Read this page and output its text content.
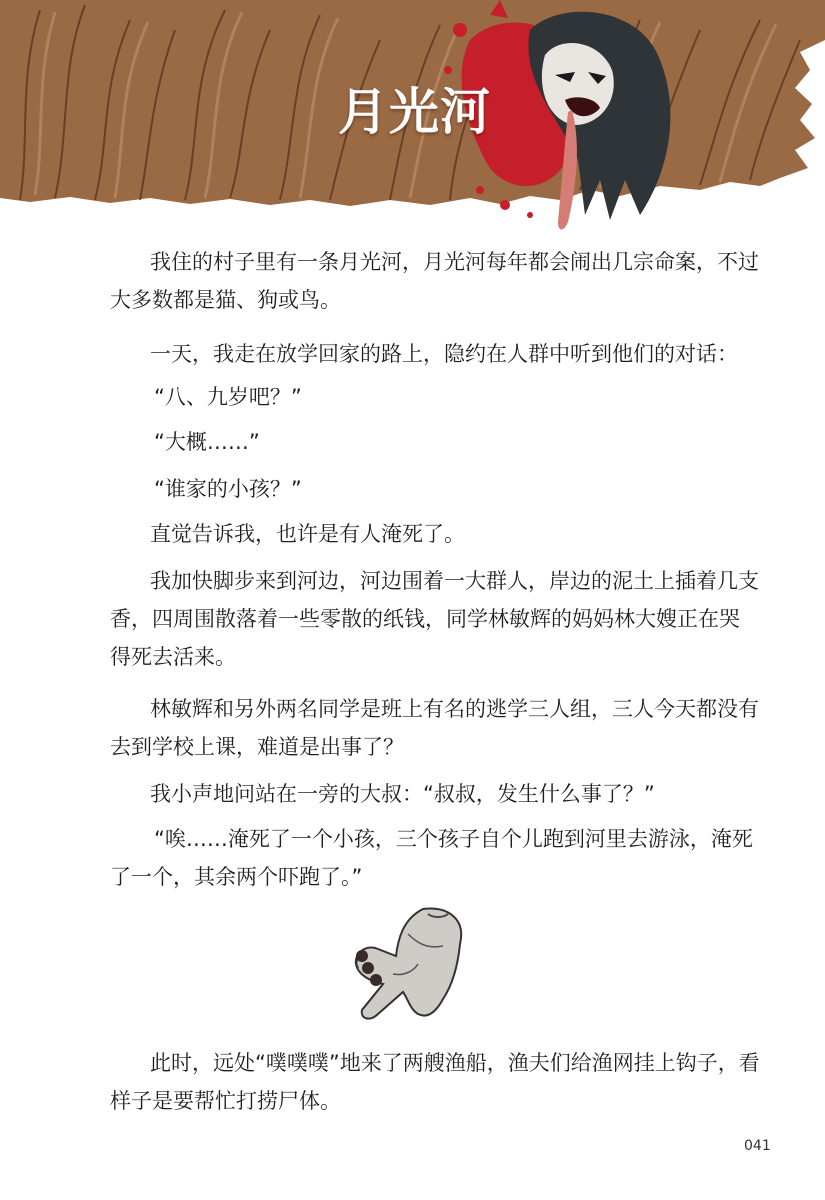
月光河

我住的村子里有一条月光河，月光河每年都会闹出几宗命案，不过大多数都是猫、狗或鸟。

一天，我走在放学回家的路上，隐约在人群中听到他们的对话：

“八、九岁吧？”

“大概……”

“谁家的小孩？”

直觉告诉我，也许是有人淹死了。

我加快脚步来到河边，河边围着一大群人，岸边的泥土上插着几支香，四周围散落着一些零散的纸钱，同学林敏辉的妈妈林大嫂正在哭得死去活来。

林敏辉和另外两名同学是班上有名的逃学三人组，三人今天都没有去到学校上课，难道是出事了？

我小声地问站在一旁的大叔：“叔叔，发生什么事了？”

“唉……淹死了一个小孩，三个孩子自个儿跑到河里去游泳，淹死了一个，其余两个吓跑了。”

此时，远处“噗噗噗”地来了两艘渔船，渔夫们给渔网挂上钩子，看样子是要帮忙打捞尸体。

041
